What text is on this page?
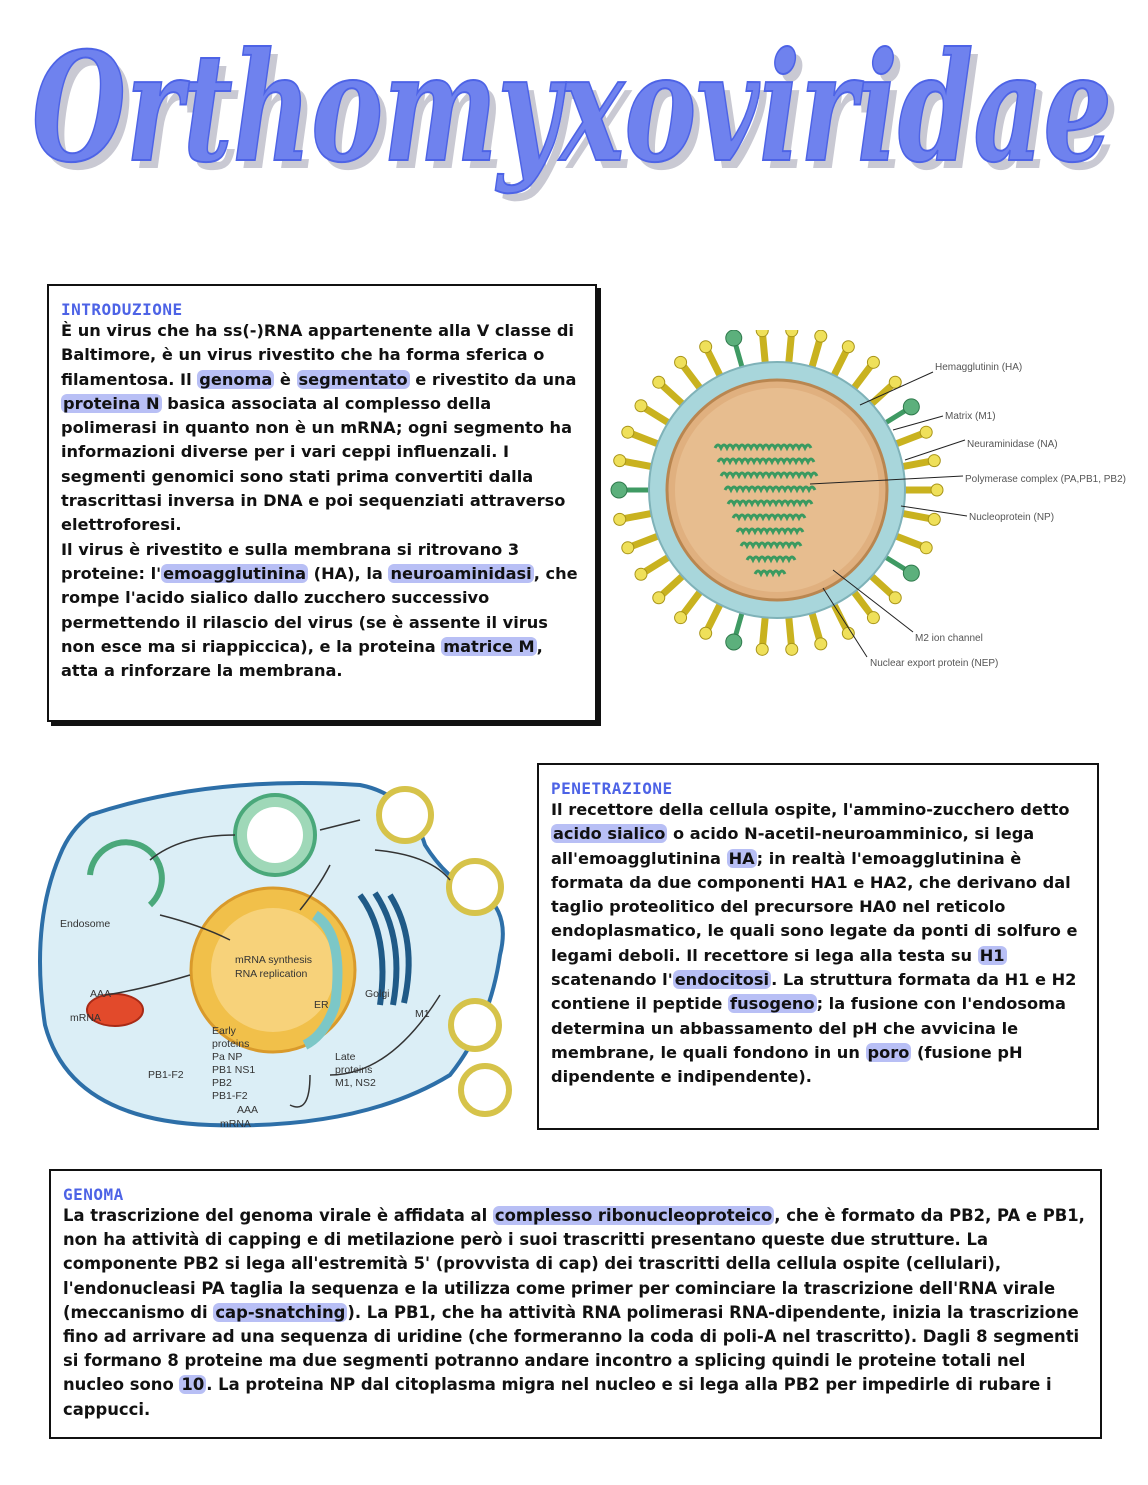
Orthomyxoviridae
Orthomyxoviridae
INTRODUZIONE
È un virus che ha ss(-)RNA appartenente alla V classe di Baltimore, è un virus rivestito che ha forma sferica o filamentosa. Il genoma è segmentato e rivestito da una proteina N basica associata al complesso della polimerasi in quanto non è un mRNA; ogni segmento ha informazioni diverse per i vari ceppi influenzali. I segmenti genomici sono stati prima convertiti dalla trascrittasi inversa in DNA e poi sequenziati attraverso elettroforesi.
Il virus è rivestito e sulla membrana si ritrovano 3 proteine: l' emoagglutinina (HA), la neuroaminidasi , che rompe l'acido sialico dallo zucchero successivo permettendo il rilascio del virus (se è assente il virus non esce ma si riappiccica), e la proteina matrice M , atta a rinforzare la membrana.
Hemagglutinin (HA)
Matrix (M1)
Neuraminidase (NA)
Polymerase complex (PA,PB1, PB2)
Nucleoprotein (NP)
M2 ion channel
Nuclear export protein (NEP)
Endosome
mRNA synthesis
RNA replication
ER
Golgi
M1
AAA
mRNA
PB1-F2
Early
proteins
Pa NP
PB1 NS1
PB2
PB1-F2
AAA
mRNA
Late
proteins
M1, NS2
PENETRAZIONE
Il recettore della cellula ospite, l'ammino-zucchero detto acido sialico o acido N-acetil-neuroamminico, si lega all'emoagglutinina HA ; in realtà l'emoagglutinina è formata da due componenti HA1 e HA2, che derivano dal taglio proteolitico del precursore HA0 nel reticolo endoplasmatico, le quali sono legate da ponti di solfuro e legami deboli. Il recettore si lega alla testa su H1 scatenando l' endocitosi . La struttura formata da H1 e H2 contiene il peptide fusogeno ; la fusione con l'endosoma determina un abbassamento del pH che avvicina le membrane, le quali fondono in un poro (fusione pH dipendente e indipendente).
GENOMA
La trascrizione del genoma virale è affidata al complesso ribonucleoproteico , che è formato da PB2, PA e PB1, non ha attività di capping e di metilazione però i suoi trascritti presentano queste due strutture. La componente PB2 si lega all'estremità 5' (provvista di cap) dei trascritti della cellula ospite (cellulari), l'endonucleasi PA taglia la sequenza e la utilizza come primer per cominciare la trascrizione dell'RNA virale (meccanismo di cap-snatching ). La PB1, che ha attività RNA polimerasi RNA-dipendente, inizia la trascrizione fino ad arrivare ad una sequenza di uridine (che formeranno la coda di poli-A nel trascritto). Dagli 8 segmenti si formano 8 proteine ma due segmenti potranno andare incontro a splicing quindi le proteine totali nel nucleo sono 10 . La proteina NP dal citoplasma migra nel nucleo e si lega alla PB2 per impedirle di rubare i cappucci.
